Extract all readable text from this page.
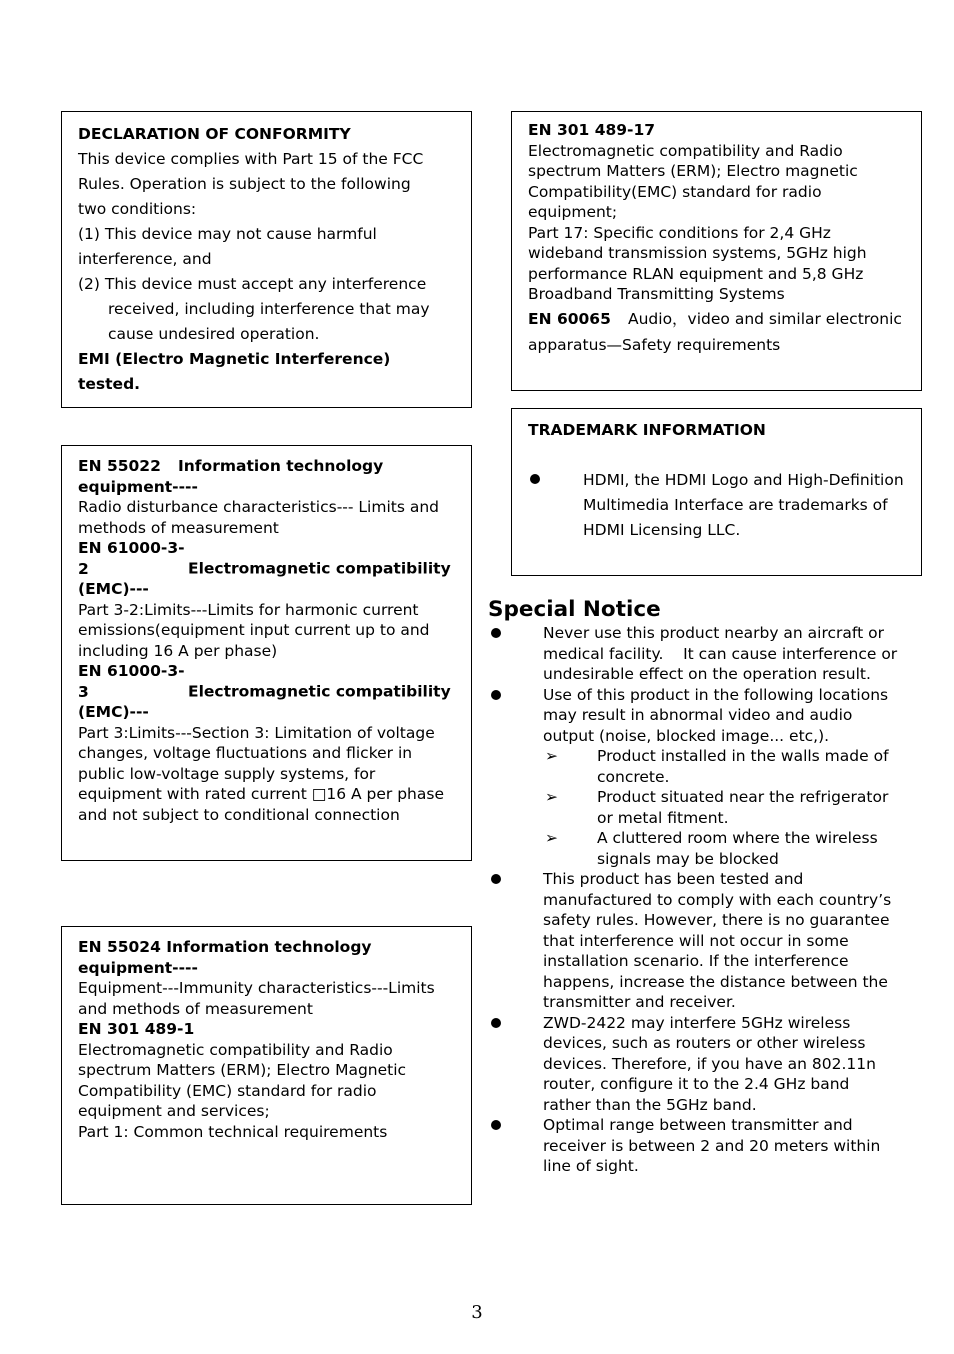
DECLARATION OF CONFORMITY

This device complies with Part 15 of the FCC

Rules. Operation is subject to the following

two conditions:

(1) This device may not cause harmful interference, and

(2) This device must accept any interference received, including interference that may cause undesired operation.

EMI (Electro Magnetic Interference) tested.

EN 55022 Information technology equipment----

Radio disturbance characteristics--- Limits and methods of measurement

EN 61000-3-2	Electromagnetic compatibility (EMC)---

Part 3-2:Limits---Limits for harmonic current emissions(equipment input current up to and including 16 A per phase)

EN 61000-3-3	Electromagnetic compatibility (EMC)---

Part 3:Limits---Section 3: Limitation of voltage changes, voltage fluctuations and flicker in public low-voltage supply systems, for equipment with rated current □16 A per phase and not subject to conditional connection

EN 55024 Information technology equipment----

Equipment---Immunity characteristics---Limits and methods of measurement

EN 301 489-1

Electromagnetic compatibility and Radio spectrum Matters (ERM); Electro Magnetic Compatibility (EMC) standard for radio equipment and services;

Part 1: Common technical requirements

EN 301 489-17

Electromagnetic compatibility and Radio spectrum Matters (ERM); Electro magnetic Compatibility(EMC) standard for radio equipment;

Part 17: Specific conditions for 2,4 GHz wideband transmission systems, 5GHz high performance RLAN equipment and 5,8 GHz Broadband Transmitting Systems

EN 60065 Audio，video and similar electronic apparatus—Safety requirements

TRADEMARK INFORMATION

HDMI, the HDMI Logo and High-Definition Multimedia Interface are trademarks of HDMI Licensing LLC.
Special Notice
Never use this product nearby an aircraft or medical facility.    It can cause interference or undesirable effect on the operation result.
Use of this product in the following locations may result in abnormal video and audio output (noise, blocked image... etc,).
➢	Product installed in the walls made of concrete.
➢	Product situated near the refrigerator or metal fitment.
➢	A cluttered room where the wireless signals may be blocked
This product has been tested and manufactured to comply with each country’s safety rules. However, there is no guarantee that interference will not occur in some installation scenario. If the interference happens, increase the distance between the transmitter and receiver.
ZWD-2422 may interfere 5GHz wireless devices, such as routers or other wireless devices. Therefore, if you have an 802.11n router, configure it to the 2.4 GHz band rather than the 5GHz band.
Optimal range between transmitter and receiver is between 2 and 20 meters within line of sight.
3
